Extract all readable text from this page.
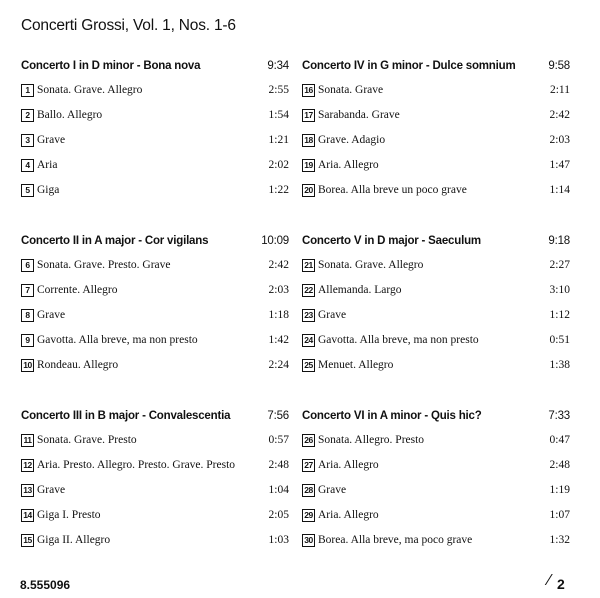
Concerti Grossi, Vol. 1, Nos. 1-6
Concerto I in D minor - Bona nova	9:34
1 Sonata. Grave. Allegro	2:55
2 Ballo. Allegro	1:54
3 Grave	1:21
4 Aria	2:02
5 Giga	1:22
Concerto IV in G minor - Dulce somnium	9:58
16 Sonata. Grave	2:11
17 Sarabanda. Grave	2:42
18 Grave. Adagio	2:03
19 Aria. Allegro	1:47
20 Borea. Alla breve un poco grave	1:14
Concerto II in A major - Cor vigilans	10:09
6 Sonata. Grave. Presto. Grave	2:42
7 Corrente. Allegro	2:03
8 Grave	1:18
9 Gavotta. Alla breve, ma non presto	1:42
10 Rondeau. Allegro	2:24
Concerto V in D major - Saeculum	9:18
21 Sonata. Grave. Allegro	2:27
22 Allemanda. Largo	3:10
23 Grave	1:12
24 Gavotta. Alla breve, ma non presto	0:51
25 Menuet. Allegro	1:38
Concerto III in B major - Convalescentia	7:56
11 Sonata. Grave. Presto	0:57
12 Aria. Presto. Allegro. Presto. Grave. Presto	2:48
13 Grave	1:04
14 Giga I. Presto	2:05
15 Giga II. Allegro	1:03
Concerto VI in A minor - Quis hic?	7:33
26 Sonata. Allegro. Presto	0:47
27 Aria. Allegro	2:48
28 Grave	1:19
29 Aria. Allegro	1:07
30 Borea. Alla breve, ma poco grave	1:32
8.555096	⁄ 2
